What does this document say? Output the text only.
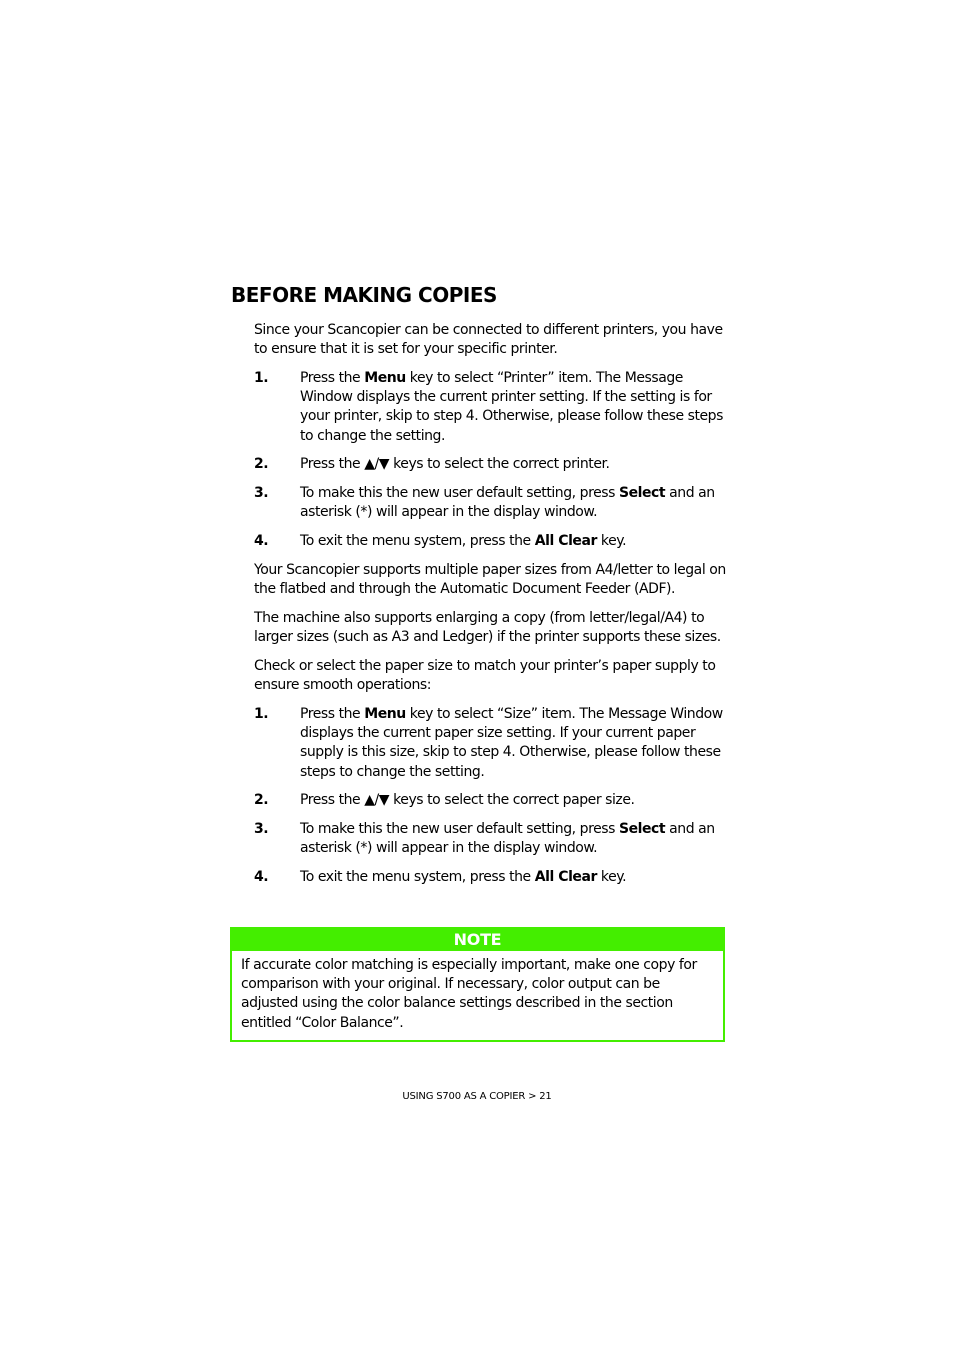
BEFORE MAKING COPIES

Since your Scancopier can be connected to different printers, you have to ensure that it is set for your specific printer.

1. Press the Menu key to select “Printer” item. The Message Window displays the current printer setting. If the setting is for your printer, skip to step 4. Otherwise, please follow these steps to change the setting.
2. Press the ▲/▼ keys to select the correct printer.
3. To make this the new user default setting, press Select and an asterisk (*) will appear in the display window.
4. To exit the menu system, press the All Clear key.

Your Scancopier supports multiple paper sizes from A4/letter to legal on the flatbed and through the Automatic Document Feeder (ADF).

The machine also supports enlarging a copy (from letter/legal/A4) to larger sizes (such as A3 and Ledger) if the printer supports these sizes.

Check or select the paper size to match your printer’s paper supply to ensure smooth operations:

1. Press the Menu key to select “Size” item. The Message Window displays the current paper size setting. If your current paper supply is this size, skip to step 4. Otherwise, please follow these steps to change the setting.
2. Press the ▲/▼ keys to select the correct paper size.
3. To make this the new user default setting, press Select and an asterisk (*) will appear in the display window.
4. To exit the menu system, press the All Clear key.
NOTE
If accurate color matching is especially important, make one copy for comparison with your original. If necessary, color output can be adjusted using the color balance settings described in the section entitled “Color Balance”.
USING S700 AS A COPIER > 21
